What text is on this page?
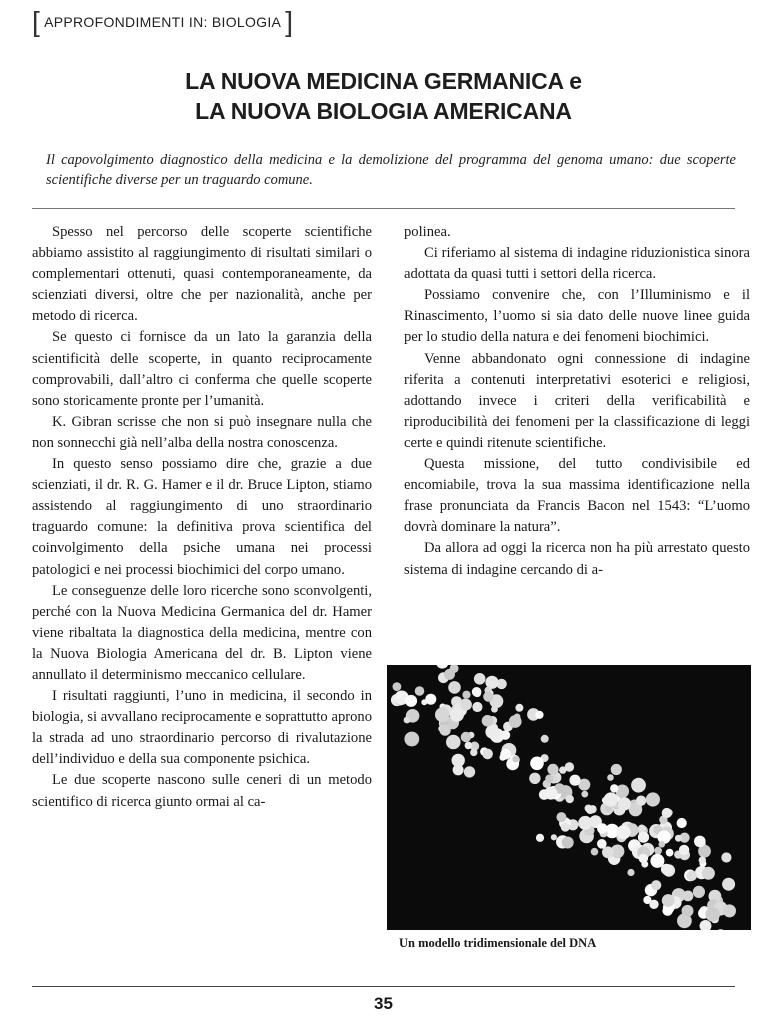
[ APPROFONDIMENTI IN: BIOLOGIA ]
LA NUOVA MEDICINA GERMANICA e
LA NUOVA BIOLOGIA AMERICANA
Il capovolgimento diagnostico della medicina e la demolizione del programma del genoma umano: due scoperte scientifiche diverse per un traguardo comune.

Spesso nel percorso delle scoperte scientifiche abbiamo assistito al raggiungimento di risultati similari o complementari ottenuti, quasi contemporaneamente, da scienziati diversi, oltre che per nazionalità, anche per metodo di ricerca.

Se questo ci fornisce da un lato la garanzia della scientificità delle scoperte, in quanto reciprocamente comprovabili, dall’altro ci conferma che quelle scoperte sono storicamente pronte per l’umanità.

K. Gibran scrisse che non si può insegnare nulla che non sonnecchi già nell’alba della nostra conoscenza.

In questo senso possiamo dire che, grazie a due scienziati, il dr. R. G. Hamer e il dr. Bruce Lipton, stiamo assistendo al raggiungimento di uno straordinario traguardo comune: la definitiva prova scientifica del coinvolgimento della psiche umana nei processi patologici e nei processi biochimici del corpo umano.

Le conseguenze delle loro ricerche sono sconvolgenti, perché con la Nuova Medicina Germanica del dr. Hamer viene ribaltata la diagnostica della medicina, mentre con la Nuova Biologia Americana del dr. B. Lipton viene annullato il determinismo meccanico cellulare.

I risultati raggiunti, l’uno in medicina, il secondo in biologia, si avvallano reciprocamente e soprattutto aprono la strada ad uno straordinario percorso di rivalutazione dell’individuo e della sua componente psichica.

Le due scoperte nascono sulle ceneri di un metodo scientifico di ricerca giunto ormai al ca-

polinea.

Ci riferiamo al sistema di indagine riduzionistica sinora adottata da quasi tutti i settori della ricerca.

Possiamo convenire che, con l’Illuminismo e il Rinascimento, l’uomo si sia dato delle nuove linee guida per lo studio della natura e dei fenomeni biochimici.

Venne abbandonato ogni connessione di indagine riferita a contenuti interpretativi esoterici e religiosi, adottando invece i criteri della verificabilità e riproducibilità dei fenomeni per la classificazione di leggi certe e quindi ritenute scientifiche.

Questa missione, del tutto condivisibile ed encomiabile, trova la sua massima identificazione nella frase pronunciata da Francis Bacon nel 1543: “L’uomo dovrà dominare la natura”.

Da allora ad oggi la ricerca non ha più arrestato questo sistema di indagine cercando di a-

Un modello tridimensionale del DNA
35
